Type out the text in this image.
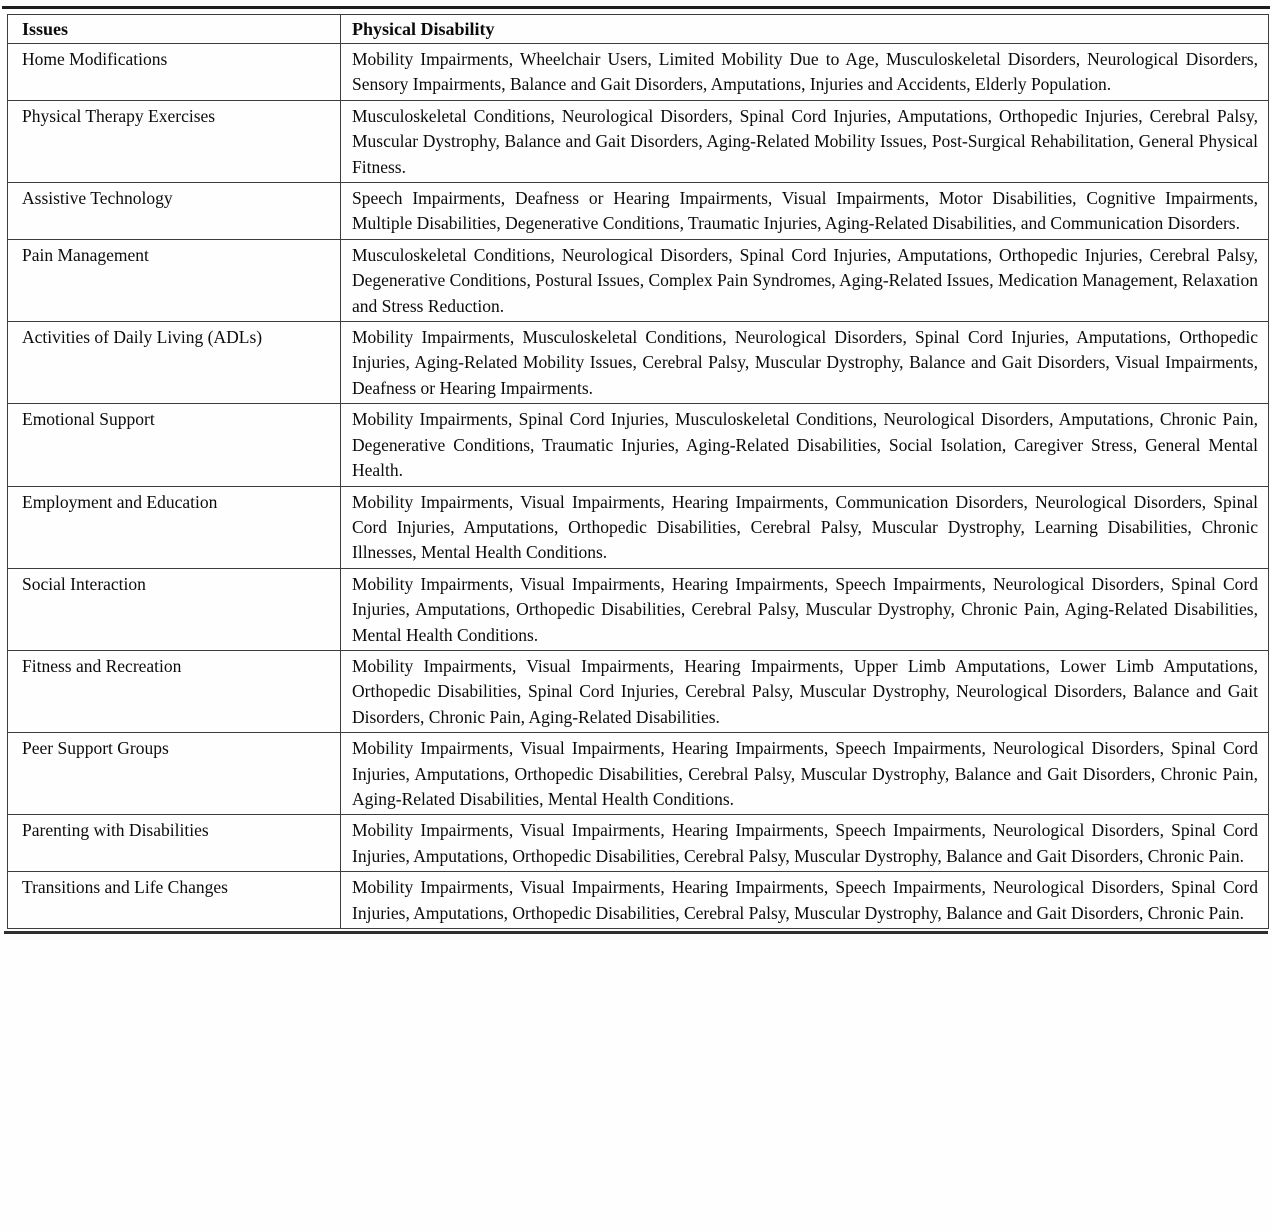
Issues	Physical Disability
Home Modifications	Mobility Impairments, Wheelchair Users, Limited Mobility Due to Age, Musculoskeletal Disorders, Neurological Disorders, Sensory Impairments, Balance and Gait Disorders, Amputations, Injuries and Accidents, Elderly Population.
Physical Therapy Exercises	Musculoskeletal Conditions, Neurological Disorders, Spinal Cord Injuries, Amputations, Orthopedic Injuries, Cerebral Palsy, Muscular Dystrophy, Balance and Gait Disorders, Aging-Related Mobility Issues, Post-Surgical Rehabilitation, General Physical Fitness.
Assistive Technology	Speech Impairments, Deafness or Hearing Impairments, Visual Impairments, Motor Disabilities, Cognitive Impairments, Multiple Disabilities, Degenerative Conditions, Traumatic Injuries, Aging-Related Disabilities, and Communication Disorders.
Pain Management	Musculoskeletal Conditions, Neurological Disorders, Spinal Cord Injuries, Amputations, Orthopedic Injuries, Cerebral Palsy, Degenerative Conditions, Postural Issues, Complex Pain Syndromes, Aging-Related Issues, Medication Management, Relaxation and Stress Reduction.
Activities of Daily Living (ADLs)	Mobility Impairments, Musculoskeletal Conditions, Neurological Disorders, Spinal Cord Injuries, Amputations, Orthopedic Injuries, Aging-Related Mobility Issues, Cerebral Palsy, Muscular Dystrophy, Balance and Gait Disorders, Visual Impairments, Deafness or Hearing Impairments.
Emotional Support	Mobility Impairments, Spinal Cord Injuries, Musculoskeletal Conditions, Neurological Disorders, Amputations, Chronic Pain, Degenerative Conditions, Traumatic Injuries, Aging-Related Disabilities, Social Isolation, Caregiver Stress, General Mental Health.
Employment and Education	Mobility Impairments, Visual Impairments, Hearing Impairments, Communication Disorders, Neurological Disorders, Spinal Cord Injuries, Amputations, Orthopedic Disabilities, Cerebral Palsy, Muscular Dystrophy, Learning Disabilities, Chronic Illnesses, Mental Health Conditions.
Social Interaction	Mobility Impairments, Visual Impairments, Hearing Impairments, Speech Impairments, Neurological Disorders, Spinal Cord Injuries, Amputations, Orthopedic Disabilities, Cerebral Palsy, Muscular Dystrophy, Chronic Pain, Aging-Related Disabilities, Mental Health Conditions.
Fitness and Recreation	Mobility Impairments, Visual Impairments, Hearing Impairments, Upper Limb Amputations, Lower Limb Amputations, Orthopedic Disabilities, Spinal Cord Injuries, Cerebral Palsy, Muscular Dystrophy, Neurological Disorders, Balance and Gait Disorders, Chronic Pain, Aging-Related Disabilities.
Peer Support Groups	Mobility Impairments, Visual Impairments, Hearing Impairments, Speech Impairments, Neurological Disorders, Spinal Cord Injuries, Amputations, Orthopedic Disabilities, Cerebral Palsy, Muscular Dystrophy, Balance and Gait Disorders, Chronic Pain, Aging-Related Disabilities, Mental Health Conditions.
Parenting with Disabilities	Mobility Impairments, Visual Impairments, Hearing Impairments, Speech Impairments, Neurological Disorders, Spinal Cord Injuries, Amputations, Orthopedic Disabilities, Cerebral Palsy, Muscular Dystrophy, Balance and Gait Disorders, Chronic Pain.
Transitions and Life Changes	Mobility Impairments, Visual Impairments, Hearing Impairments, Speech Impairments, Neurological Disorders, Spinal Cord Injuries, Amputations, Orthopedic Disabilities, Cerebral Palsy, Muscular Dystrophy, Balance and Gait Disorders, Chronic Pain.
